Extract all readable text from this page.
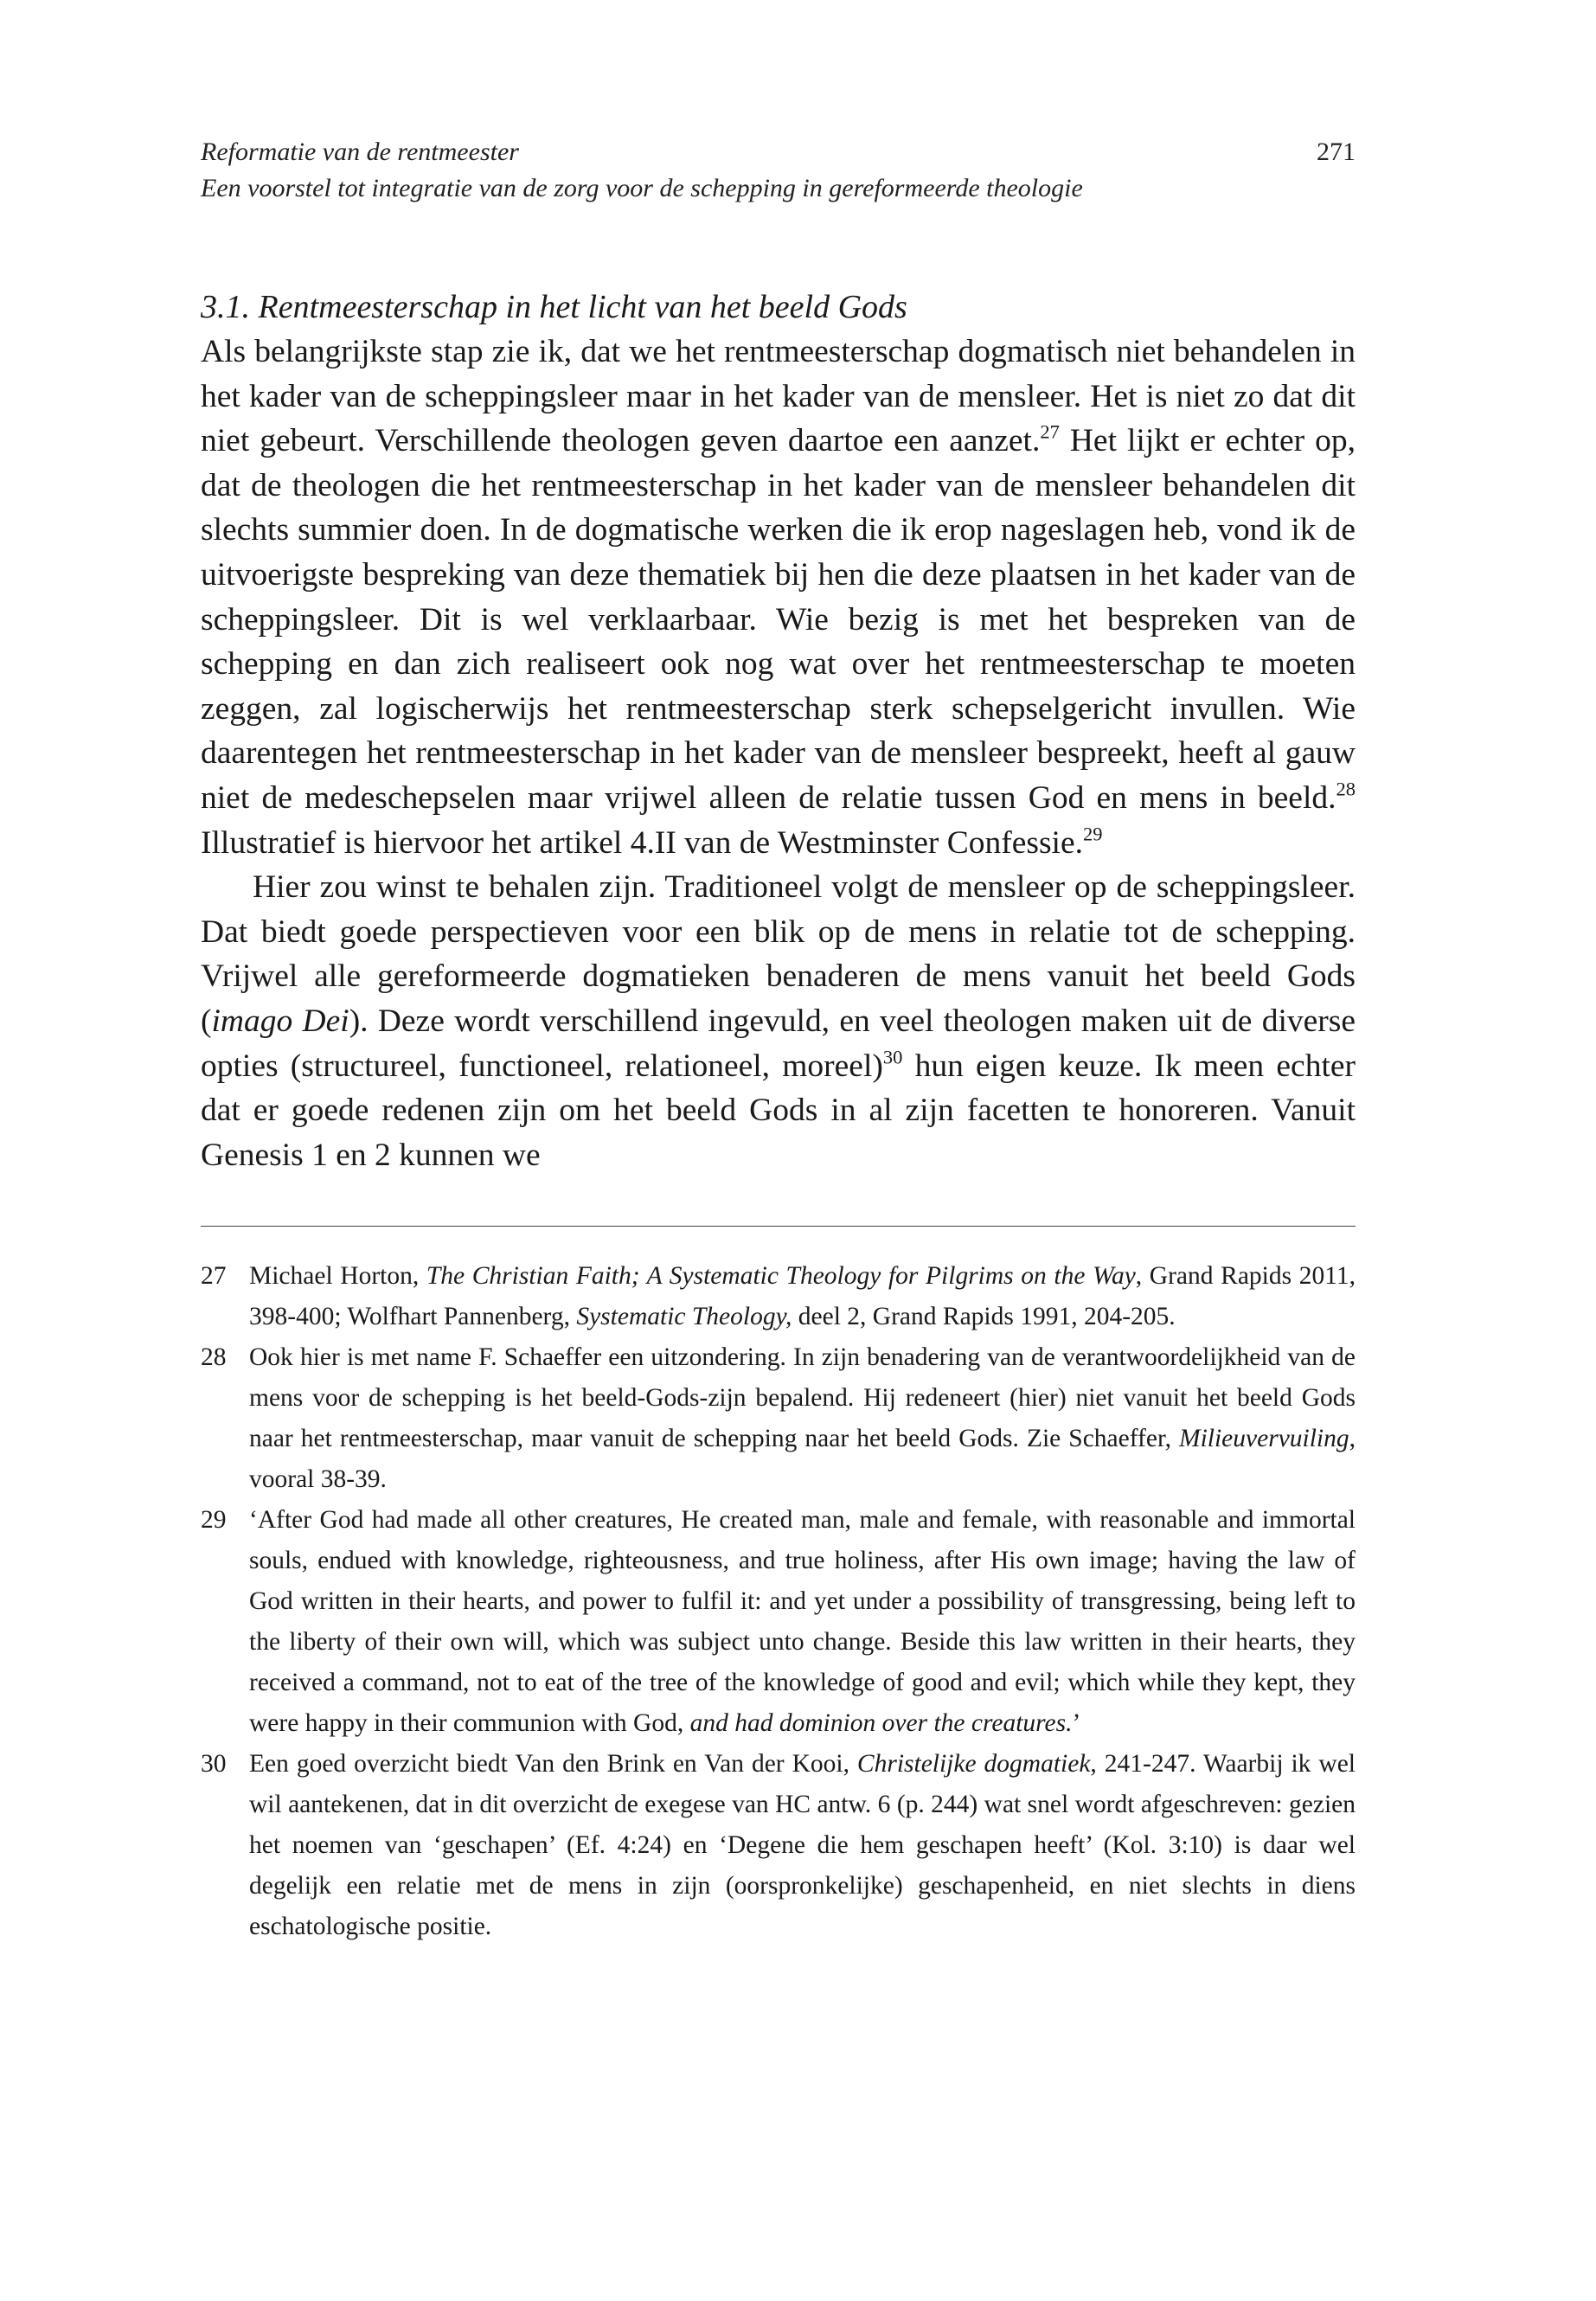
Reformatie van de rentmeester
Een voorstel tot integratie van de zorg voor de schepping in gereformeerde theologie
271
3.1. Rentmeesterschap in het licht van het beeld Gods

Als belangrijkste stap zie ik, dat we het rentmeesterschap dogmatisch niet behandelen in het kader van de scheppingsleer maar in het kader van de mensleer. Het is niet zo dat dit niet gebeurt. Verschillende theologen geven daartoe een aanzet.$^{27}$ Het lijkt er echter op, dat de theologen die het rentmeesterschap in het kader van de mensleer behandelen dit slechts summier doen. In de dogmatische werken die ik erop nageslagen heb, vond ik de uitvoerigste bespreking van deze thematiek bij hen die deze plaatsen in het kader van de scheppingsleer. Dit is wel verklaarbaar. Wie bezig is met het bespreken van de schepping en dan zich realiseert ook nog wat over het rentmeesterschap te moeten zeggen, zal logischerwijs het rentmeesterschap sterk schepselgericht invullen. Wie daarentegen het rentmeesterschap in het kader van de mensleer bespreekt, heeft al gauw niet de medeschepselen maar vrijwel alleen de relatie tussen God en mens in beeld.$^{28}$ Illustratief is hiervoor het artikel 4.II van de Westminster Confessie.$^{29}$

Hier zou winst te behalen zijn. Traditioneel volgt de mensleer op de scheppingsleer. Dat biedt goede perspectieven voor een blik op de mens in relatie tot de schepping. Vrijwel alle gereformeerde dogmatieken benaderen de mens vanuit het beeld Gods (imago Dei). Deze wordt verschillend ingevuld, en veel theologen maken uit de diverse opties (structureel, functioneel, relationeel, moreel)$^{30}$ hun eigen keuze. Ik meen echter dat er goede redenen zijn om het beeld Gods in al zijn facetten te honoreren. Vanuit Genesis 1 en 2 kunnen we

27 Michael Horton, The Christian Faith; A Systematic Theology for Pilgrims on the Way, Grand Rapids 2011, 398-400; Wolfhart Pannenberg, Systematic Theology, deel 2, Grand Rapids 1991, 204-205.
28 Ook hier is met name F. Schaeffer een uitzondering. In zijn benadering van de verantwoordelijkheid van de mens voor de schepping is het beeld-Gods-zijn bepalend. Hij redeneert (hier) niet vanuit het beeld Gods naar het rentmeesterschap, maar vanuit de schepping naar het beeld Gods. Zie Schaeffer, Milieuvervuiling, vooral 38-39.
29 ‘After God had made all other creatures, He created man, male and female, with reasonable and immortal souls, endued with knowledge, righteousness, and true holiness, after His own image; having the law of God written in their hearts, and power to fulfil it: and yet under a possibility of transgressing, being left to the liberty of their own will, which was subject unto change. Beside this law written in their hearts, they received a command, not to eat of the tree of the knowledge of good and evil; which while they kept, they were happy in their communion with God, and had dominion over the creatures.’
30 Een goed overzicht biedt Van den Brink en Van der Kooi, Christelijke dogmatiek, 241-247. Waarbij ik wel wil aantekenen, dat in dit overzicht de exegese van HC antw. 6 (p. 244) wat snel wordt afgeschreven: gezien het noemen van ‘geschapen’ (Ef. 4:24) en ‘Degene die hem geschapen heeft’ (Kol. 3:10) is daar wel degelijk een relatie met de mens in zijn (oorspronkelijke) geschapenheid, en niet slechts in diens eschatologische positie.
